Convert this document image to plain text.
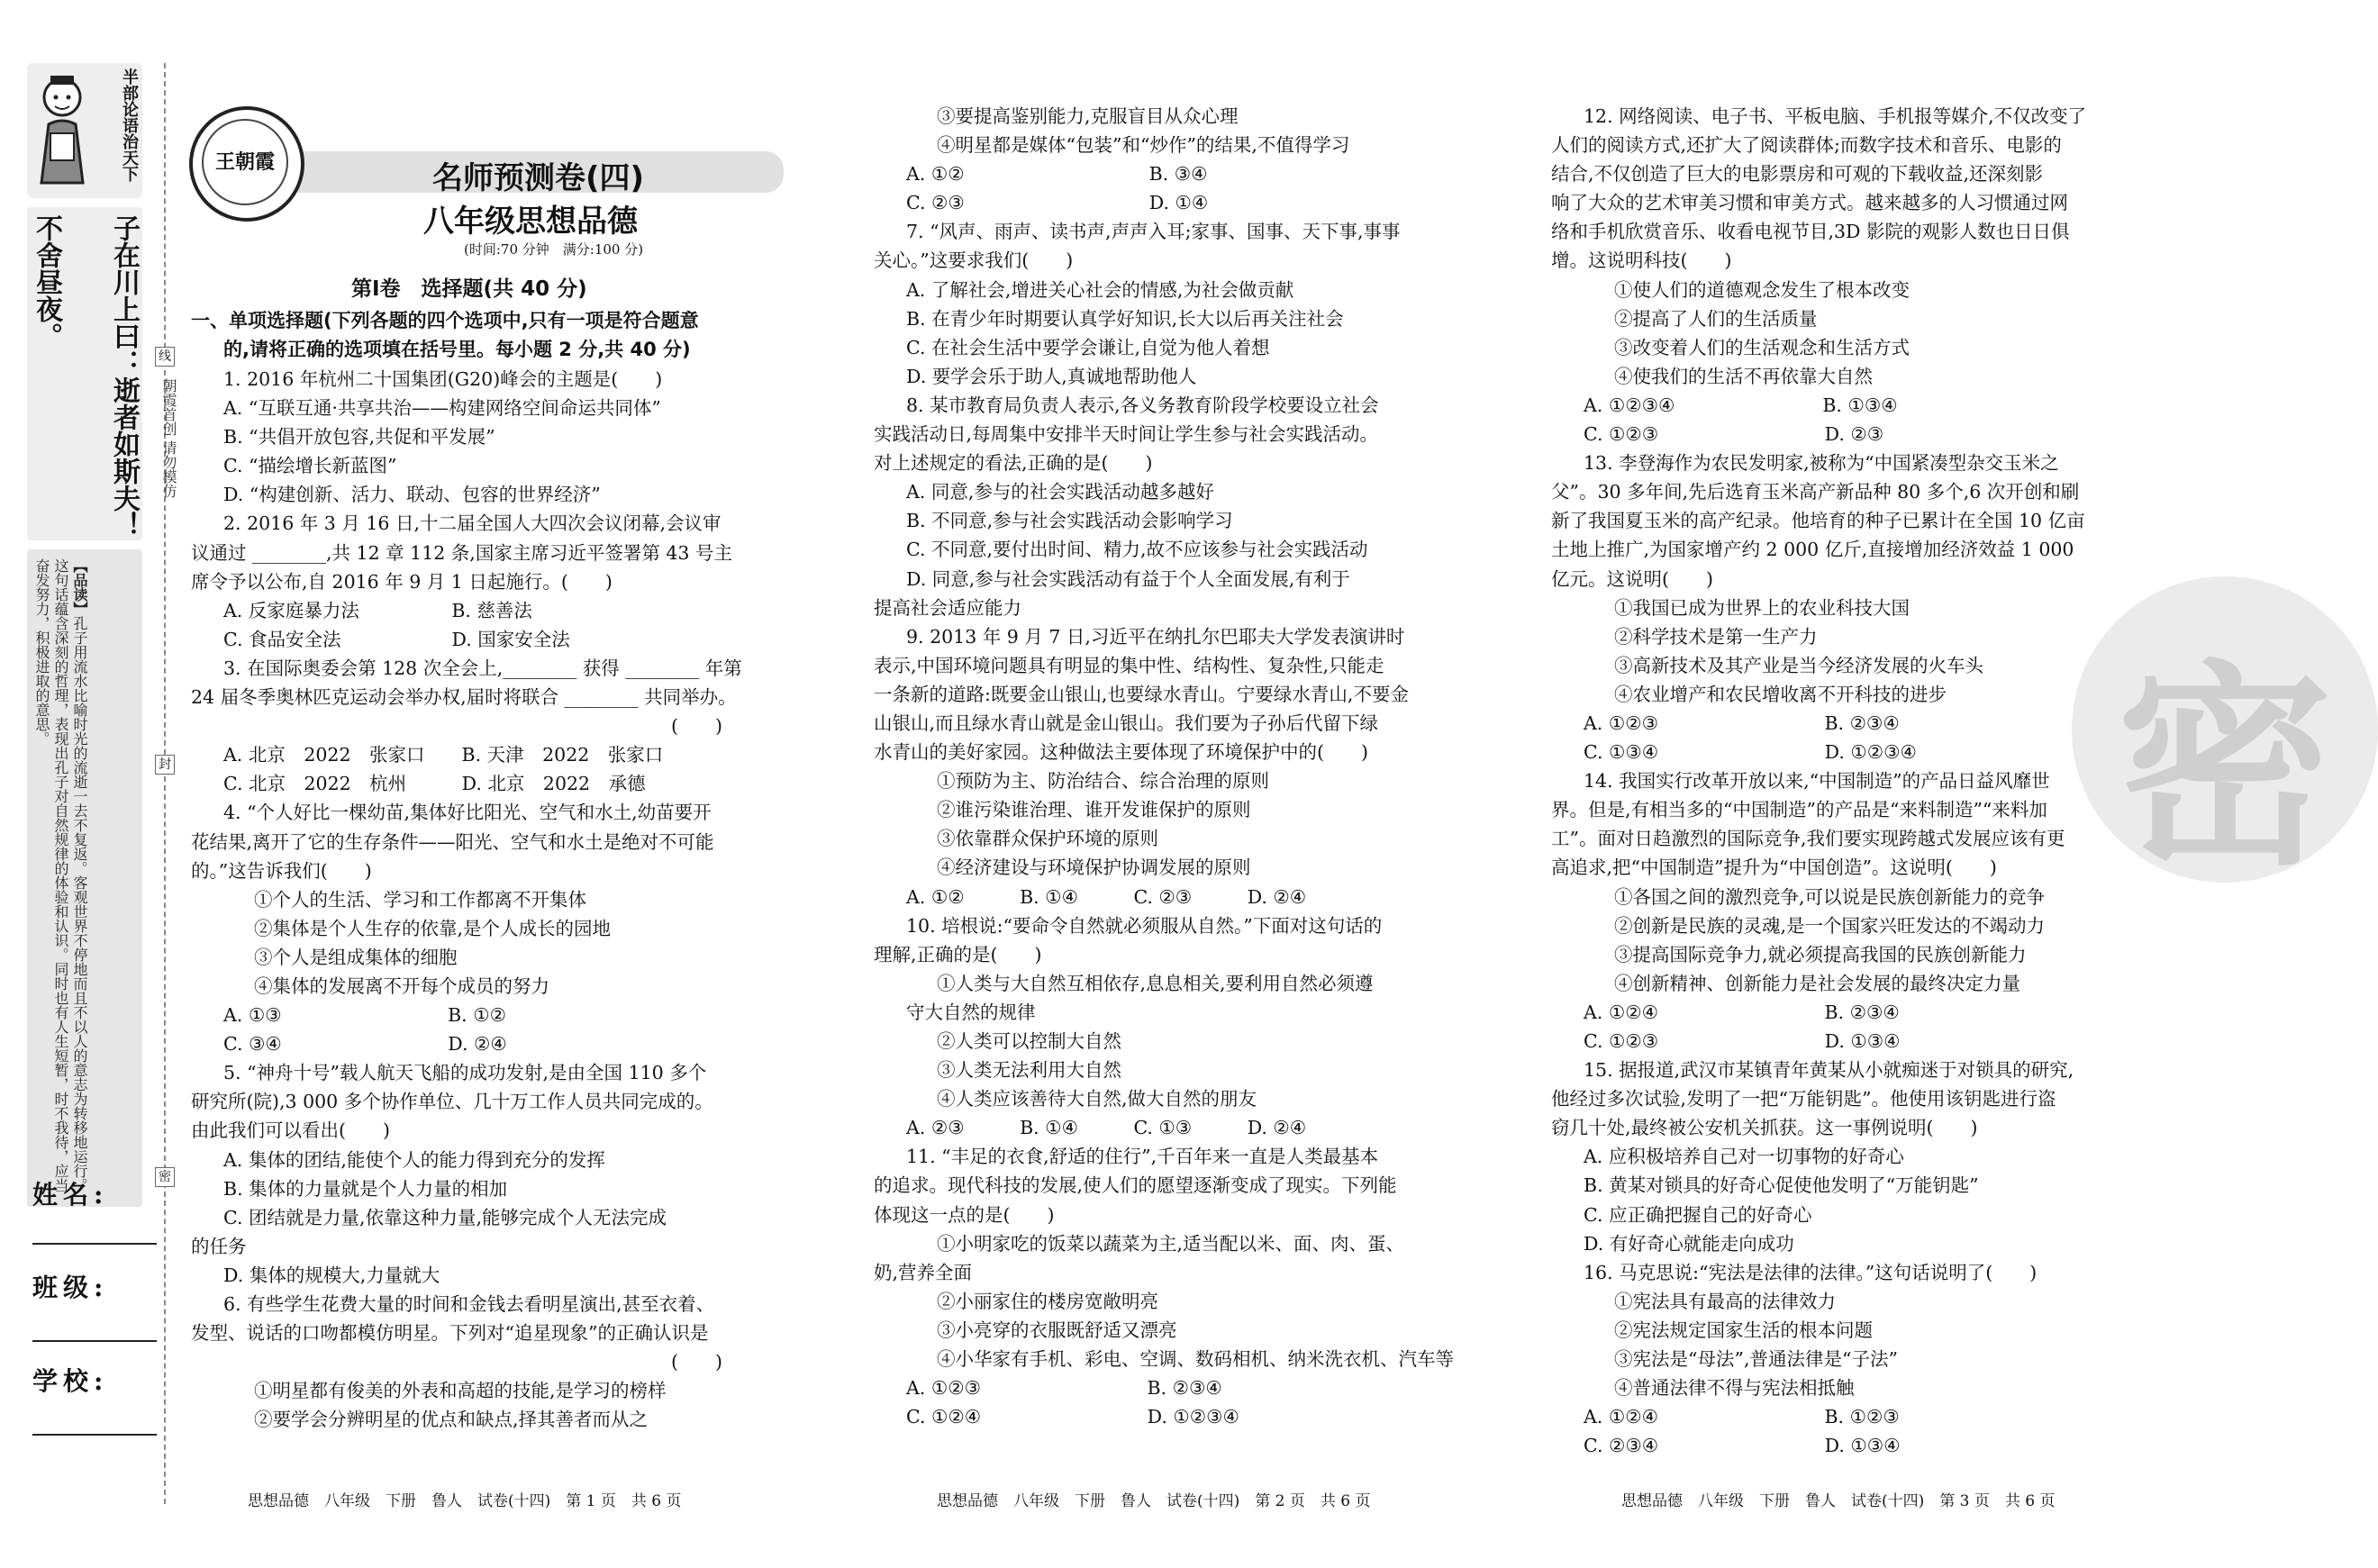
半部论语治天下
子在川上曰：逝者如斯夫！
不舍昼夜。
【品读】孔子用流水比喻时光的流逝一去不复返。客观世界不停地而且不以人的意志为转移地运行。这句话蕴含深刻的哲理，表现出孔子对自然规律的体验和认识。同时也有人生短暂，时不我待，应当奋发努力，积极进取的意思。
线
朝霞首创 请勿模仿
封
密
姓名:
班级:
学校:
王朝霞	名师预测卷(四)
八年级思想品德
(时间:70 分钟　满分:100 分)
第Ⅰ卷　选择题(共 40 分)
一、单项选择题(下列各题的四个选项中,只有一项是符合题意
的,请将正确的选项填在括号里。每小题 2 分,共 40 分)
1. 2016 年杭州二十国集团(G20)峰会的主题是(　　)
A. “互联互通·共享共治——构建网络空间命运共同体”
B. “共倡开放包容,共促和平发展”
C. “描绘增长新蓝图”
D. “构建创新、活力、联动、包容的世界经济”
2. 2016 年 3 月 16 日,十二届全国人大四次会议闭幕,会议审
议通过 ________,共 12 章 112 条,国家主席习近平签署第 43 号主
席令予以公布,自 2016 年 9 月 1 日起施行。(　　)
A. 反家庭暴力法　　　　　B. 慈善法
C. 食品安全法　　　　　　D. 国家安全法
3. 在国际奥委会第 128 次全会上,________ 获得 ________ 年第
24 届冬季奥林匹克运动会举办权,届时将联合 ________ 共同举办。
　　　　　　　　　　　　　　　　　　　　　　　　　　(　　)
A. 北京　2022　张家口　　B. 天津　2022　张家口
C. 北京　2022　杭州　　　D. 北京　2022　承德
4. “个人好比一棵幼苗,集体好比阳光、空气和水土,幼苗要开
花结果,离开了它的生存条件——阳光、空气和水土是绝对不可能
的。”这告诉我们(　　)
①个人的生活、学习和工作都离不开集体
②集体是个人生存的依靠,是个人成长的园地
③个人是组成集体的细胞
④集体的发展离不开每个成员的努力
A. ①③　　　　　　　　　B. ①②
C. ③④　　　　　　　　　D. ②④
5. “神舟十号”载人航天飞船的成功发射,是由全国 110 多个
研究所(院),3 000 多个协作单位、几十万工作人员共同完成的。
由此我们可以看出(　　)
A. 集体的团结,能使个人的能力得到充分的发挥
B. 集体的力量就是个人力量的相加
C. 团结就是力量,依靠这种力量,能够完成个人无法完成
的任务
D. 集体的规模大,力量就大
6. 有些学生花费大量的时间和金钱去看明星演出,甚至衣着、
发型、说话的口吻都模仿明星。下列对“追星现象”的正确认识是
　　　　　　　　　　　　　　　　　　　　　　　　　　(　　)
①明星都有俊美的外表和高超的技能,是学习的榜样
②要学会分辨明星的优点和缺点,择其善者而从之
③要提高鉴别能力,克服盲目从众心理
④明星都是媒体“包装”和“炒作”的结果,不值得学习
A. ①②　　　　　　　　　　B. ③④
C. ②③　　　　　　　　　　D. ①④
7. “风声、雨声、读书声,声声入耳;家事、国事、天下事,事事
关心。”这要求我们(　　)
A. 了解社会,增进关心社会的情感,为社会做贡献
B. 在青少年时期要认真学好知识,长大以后再关注社会
C. 在社会生活中要学会谦让,自觉为他人着想
D. 要学会乐于助人,真诚地帮助他人
8. 某市教育局负责人表示,各义务教育阶段学校要设立社会
实践活动日,每周集中安排半天时间让学生参与社会实践活动。
对上述规定的看法,正确的是(　　)
A. 同意,参与的社会实践活动越多越好
B. 不同意,参与社会实践活动会影响学习
C. 不同意,要付出时间、精力,故不应该参与社会实践活动
D. 同意,参与社会实践活动有益于个人全面发展,有利于
提高社会适应能力
9. 2013 年 9 月 7 日,习近平在纳扎尔巴耶夫大学发表演讲时
表示,中国环境问题具有明显的集中性、结构性、复杂性,只能走
一条新的道路:既要金山银山,也要绿水青山。宁要绿水青山,不要金
山银山,而且绿水青山就是金山银山。我们要为子孙后代留下绿
水青山的美好家园。这种做法主要体现了环境保护中的(　　)
①预防为主、防治结合、综合治理的原则
②谁污染谁治理、谁开发谁保护的原则
③依靠群众保护环境的原则
④经济建设与环境保护协调发展的原则
A. ①②　　　B. ①④　　　C. ②③　　　D. ②④
10. 培根说:“要命令自然就必须服从自然。”下面对这句话的
理解,正确的是(　　)
①人类与大自然互相依存,息息相关,要利用自然必须遵
守大自然的规律
②人类可以控制大自然
③人类无法利用大自然
④人类应该善待大自然,做大自然的朋友
A. ②③　　　B. ①④　　　C. ①③　　　D. ②④
11. “丰足的衣食,舒适的住行”,千百年来一直是人类最基本
的追求。现代科技的发展,使人们的愿望逐渐变成了现实。下列能
体现这一点的是(　　)
①小明家吃的饭菜以蔬菜为主,适当配以米、面、肉、蛋、
奶,营养全面
②小丽家住的楼房宽敞明亮
③小亮穿的衣服既舒适又漂亮
④小华家有手机、彩电、空调、数码相机、纳米洗衣机、汽车等
A. ①②③　　　　　　　　　B. ②③④
C. ①②④　　　　　　　　　D. ①②③④
12. 网络阅读、电子书、平板电脑、手机报等媒介,不仅改变了
人们的阅读方式,还扩大了阅读群体;而数字技术和音乐、电影的
结合,不仅创造了巨大的电影票房和可观的下载收益,还深刻影
响了大众的艺术审美习惯和审美方式。越来越多的人习惯通过网
络和手机欣赏音乐、收看电视节目,3D 影院的观影人数也日日俱
增。这说明科技(　　)
①使人们的道德观念发生了根本改变
②提高了人们的生活质量
③改变着人们的生活观念和生活方式
④使我们的生活不再依靠大自然
A. ①②③④　　　　　　　　B. ①③④
C. ①②③　　　　　　　　　D. ②③
13. 李登海作为农民发明家,被称为“中国紧凑型杂交玉米之
父”。30 多年间,先后选育玉米高产新品种 80 多个,6 次开创和刷
新了我国夏玉米的高产纪录。他培育的种子已累计在全国 10 亿亩
土地上推广,为国家增产约 2 000 亿斤,直接增加经济效益 1 000
亿元。这说明(　　)
①我国已成为世界上的农业科技大国
②科学技术是第一生产力
③高新技术及其产业是当今经济发展的火车头
④农业增产和农民增收离不开科技的进步
A. ①②③　　　　　　　　　B. ②③④
C. ①③④　　　　　　　　　D. ①②③④
14. 我国实行改革开放以来,“中国制造”的产品日益风靡世
界。但是,有相当多的“中国制造”的产品是“来料制造”“来料加
工”。面对日趋激烈的国际竞争,我们要实现跨越式发展应该有更
高追求,把“中国制造”提升为“中国创造”。这说明(　　)
①各国之间的激烈竞争,可以说是民族创新能力的竞争
②创新是民族的灵魂,是一个国家兴旺发达的不竭动力
③提高国际竞争力,就必须提高我国的民族创新能力
④创新精神、创新能力是社会发展的最终决定力量
A. ①②④　　　　　　　　　B. ②③④
C. ①②③　　　　　　　　　D. ①③④
15. 据报道,武汉市某镇青年黄某从小就痴迷于对锁具的研究,
他经过多次试验,发明了一把“万能钥匙”。他使用该钥匙进行盗
窃几十处,最终被公安机关抓获。这一事例说明(　　)
A. 应积极培养自己对一切事物的好奇心
B. 黄某对锁具的好奇心促使他发明了“万能钥匙”
C. 应正确把握自己的好奇心
D. 有好奇心就能走向成功
16. 马克思说:“宪法是法律的法律。”这句话说明了(　　)
①宪法具有最高的法律效力
②宪法规定国家生活的根本问题
③宪法是“母法”,普通法律是“子法”
④普通法律不得与宪法相抵触
A. ①②④　　　　　　　　　B. ①②③
C. ②③④　　　　　　　　　D. ①③④
密
思想品德　八年级　下册　鲁人　试卷(十四)　第 1 页　共 6 页	思想品德　八年级　下册　鲁人　试卷(十四)　第 2 页　共 6 页	思想品德　八年级　下册　鲁人　试卷(十四)　第 3 页　共 6 页
